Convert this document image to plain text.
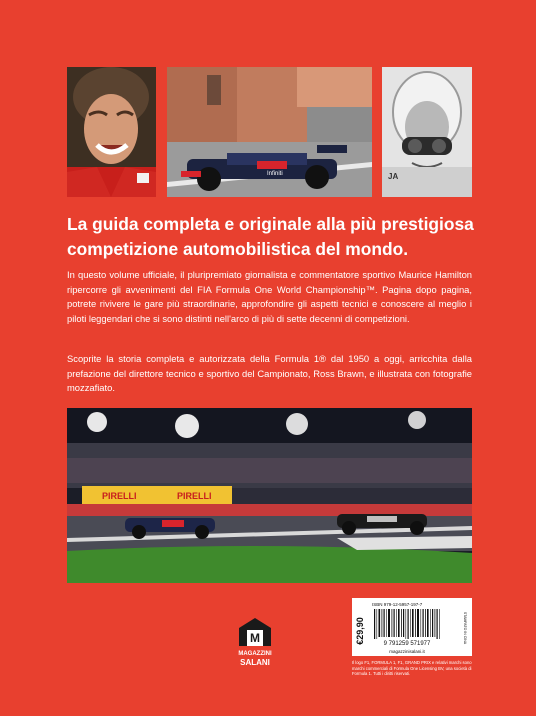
Infiniti	JA
La guida completa e originale alla più prestigiosa
competizione automobilistica del mondo.

In questo volume ufficiale, il pluripremiato giornalista e commentatore sportivo Maurice Hamilton ripercorre gli avvenimenti del FIA Formula One World Championship™. Pagina dopo pagina, potrete rivivere le gare più straordinarie, approfondire gli aspetti tecnici e conoscere al meglio i piloti leggendari che si sono distinti nell'arco di più di sette decenni di competizioni.

Scoprite la storia completa e autorizzata della Formula 1® dal 1950 a oggi, arricchita dalla prefazione del direttore tecnico e sportivo del Campionato, Ross Brawn, e illustrata con fotografie mozzafiato.

PIRELLI	PIRELLI
M
MAGAZZINI
SALANI
€29,90
ISBN 979-12-5957-197-7
9 791259 571977
magazzinisalani.it
STAMPATO IN CINA

Il logo F1, FORMULA 1, F1, GRAND PRIX e relativi marchi sono marchi commerciali di Formula One Licensing BV, una società di Formula 1. Tutti i diritti riservati.
